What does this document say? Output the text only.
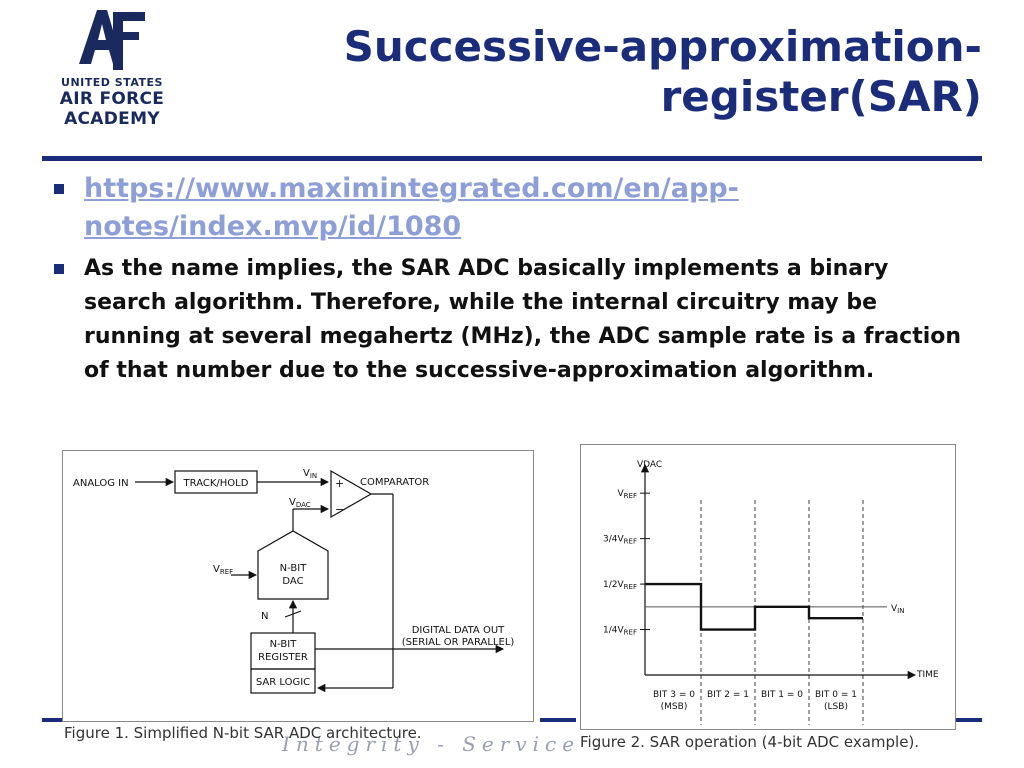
UNITED STATES
AIR FORCE
ACADEMY
Successive-approximation-
register(SAR)
https://www.maximintegrated.com/en/app-
notes/index.mvp/id/1080
As the name implies, the SAR ADC basically implements a binary search algorithm. Therefore, while the internal circuitry may be running at several megahertz (MHz), the ADC sample rate is a fraction of that number due to the successive-approximation algorithm.
Integrity - Service -
ANALOG IN	TRACK/HOLD
$V_{IN}$
$V_{DAC}$
+
−
COMPARATOR
$V_{REF}$	N-BIT
DAC
N
N-BIT
REGISTER
SAR LOGIC
DIGITAL DATA OUT
(SERIAL OR PARALLEL)
Figure 1. Simplified N-bit SAR ADC architecture.
VDAC
TIME
$V_{REF}$
$3/4V_{REF}$
$1/2V_{REF}$
$1/4V_{REF}$
$V_{IN}$
BIT 3 = 0
(MSB)
BIT 2 = 1 BIT 1 = 0 BIT 0 = 1
(LSB)
Figure 2. SAR operation (4-bit ADC example).
